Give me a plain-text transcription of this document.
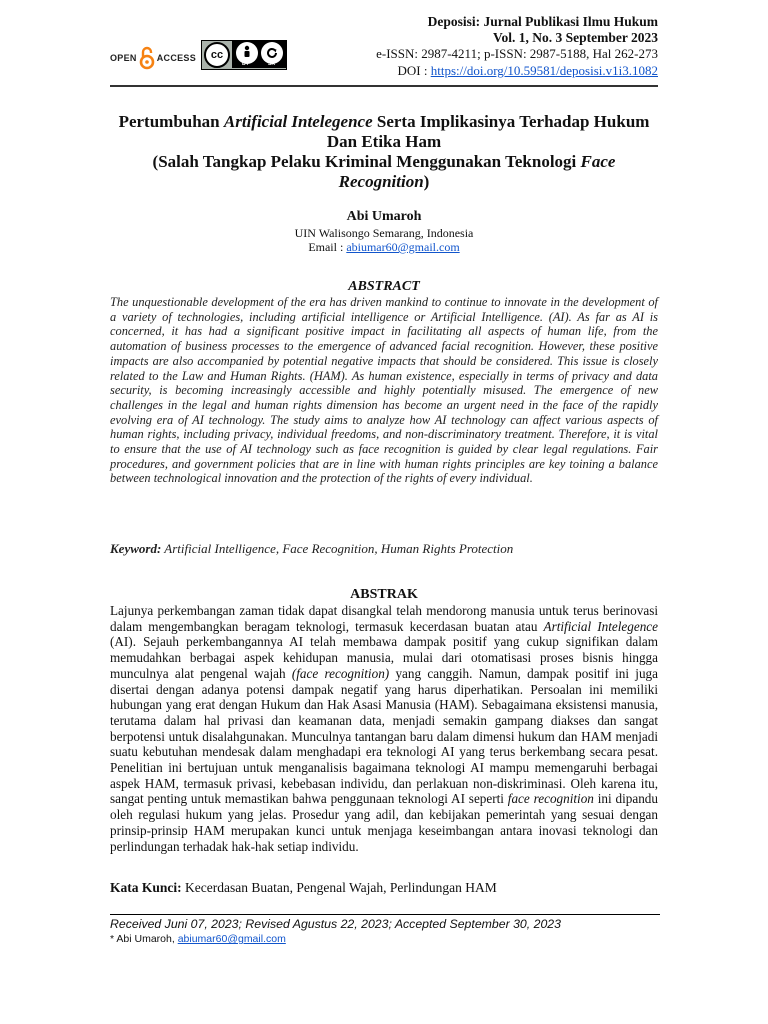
OPEN ACCESS cc
BY	SA
Deposisi: Jurnal Publikasi Ilmu Hukum
Vol. 1, No. 3 September 2023
e-ISSN: 2987-4211; p-ISSN: 2987-5188, Hal 262-273
DOI : https://doi.org/10.59581/deposisi.v1i3.1082
Pertumbuhan Artificial Intelegence Serta Implikasinya Terhadap Hukum Dan Etika Ham
(Salah Tangkap Pelaku Kriminal Menggunakan Teknologi Face Recognition)
Abi Umaroh
UIN Walisongo Semarang, Indonesia
Email : abiumar60@gmail.com
ABSTRACT
The unquestionable development of the era has driven mankind to continue to innovate in the development of a variety of technologies, including artificial intelligence or Artificial Intelligence. (AI). As far as AI is concerned, it has had a significant positive impact in facilitating all aspects of human life, from the automation of business processes to the emergence of advanced facial recognition. However, these positive impacts are also accompanied by potential negative impacts that should be considered. This issue is closely related to the Law and Human Rights. (HAM). As human existence, especially in terms of privacy and data security, is becoming increasingly accessible and highly potentially misused. The emergence of new challenges in the legal and human rights dimension has become an urgent need in the face of the rapidly evolving era of AI technology. The study aims to analyze how AI technology can affect various aspects of human rights, including privacy, individual freedoms, and non-discriminatory treatment. Therefore, it is vital to ensure that the use of AI technology such as face recognition is guided by clear legal regulations. Fair procedures, and government policies that are in line with human rights principles are key toining a balance between technological innovation and the protection of the rights of every individual.
Keyword: Artificial Intelligence, Face Recognition, Human Rights Protection
ABSTRAK
Lajunya perkembangan zaman tidak dapat disangkal telah mendorong manusia untuk terus berinovasi dalam mengembangkan beragam teknologi, termasuk kecerdasan buatan atau Artificial Intelegence (AI). Sejauh perkembangannya AI telah membawa dampak positif yang cukup signifikan dalam memudahkan berbagai aspek kehidupan manusia, mulai dari otomatisasi proses bisnis hingga munculnya alat pengenal wajah (face recognition) yang canggih. Namun, dampak positif ini juga disertai dengan adanya potensi dampak negatif yang harus diperhatikan. Persoalan ini memiliki hubungan yang erat dengan Hukum dan Hak Asasi Manusia (HAM). Sebagaimana eksistensi manusia, terutama dalam hal privasi dan keamanan data, menjadi semakin gampang diakses dan sangat berpotensi untuk disalahgunakan. Munculnya tantangan baru dalam dimensi hukum dan HAM menjadi suatu kebutuhan mendesak dalam menghadapi era teknologi AI yang terus berkembang secara pesat. Penelitian ini bertujuan untuk menganalisis bagaimana teknologi AI mampu memengaruhi berbagai aspek HAM, termasuk privasi, kebebasan individu, dan perlakuan non-diskriminasi. Oleh karena itu, sangat penting untuk memastikan bahwa penggunaan teknologi AI seperti face recognition ini dipandu oleh regulasi hukum yang jelas. Prosedur yang adil, dan kebijakan pemerintah yang sesuai dengan prinsip-prinsip HAM merupakan kunci untuk menjaga keseimbangan antara inovasi teknologi dan perlindungan terhadak hak-hak setiap individu.
Kata Kunci: Kecerdasan Buatan, Pengenal Wajah, Perlindungan HAM
Received Juni 07, 2023; Revised Agustus 22, 2023; Accepted September 30, 2023
* Abi Umaroh, abiumar60@gmail.com
